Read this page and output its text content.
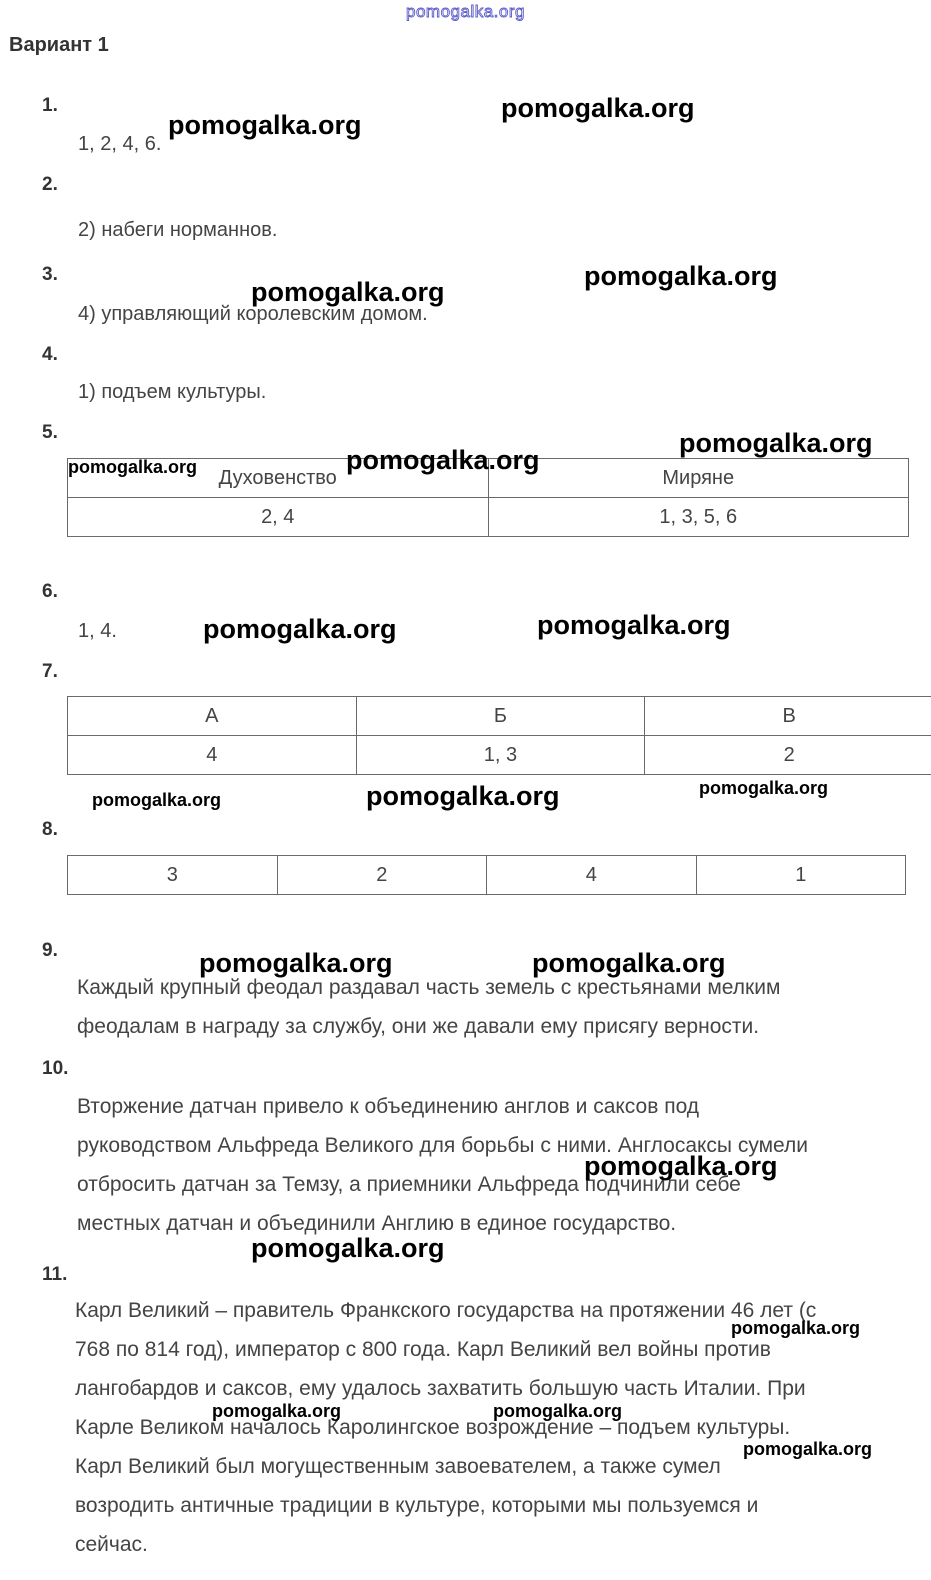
pomogalka.org
Вариант 1
1.
1, 2, 4, 6.
2.
2) набеги норманнов.
3.
4) управляющий королевским домом.
4.
1) подъем культуры.
5.
Духовенство	Миряне
2, 4	1, 3, 5, 6
6.
1, 4.
7.
А	Б	В
4	1, 3	2
8.
3	2	4	1
9.
Каждый крупный феодал раздавал часть земель с крестьянами мелким
феодалам в награду за службу, они же давали ему присягу верности.
10.
Вторжение датчан привело к объединению англов и саксов под
руководством Альфреда Великого для борьбы с ними. Англосаксы сумели
отбросить датчан за Темзу, а приемники Альфреда подчинили себе
местных датчан и объединили Англию в единое государство.
11.
Карл Великий – правитель Франкского государства на протяжении 46 лет (с
768 по 814 год), император с 800 года. Карл Великий вел войны против
лангобардов и саксов, ему удалось захватить большую часть Италии. При
Карле Великом началось Каролингское возрождение – подъем культуры.
Карл Великий был могущественным завоевателем, а также сумел
возродить античные традиции в культуре, которыми мы пользуемся и
сейчас.
pomogalka.org
pomogalka.org
pomogalka.org
pomogalka.org
pomogalka.org
pomogalka.org
pomogalka.org
pomogalka.org
pomogalka.org
pomogalka.org
pomogalka.org	pomogalka.org
pomogalka.org	pomogalka.org
pomogalka.org
pomogalka.org
pomogalka.org
pomogalka.org	pomogalka.org
pomogalka.org
